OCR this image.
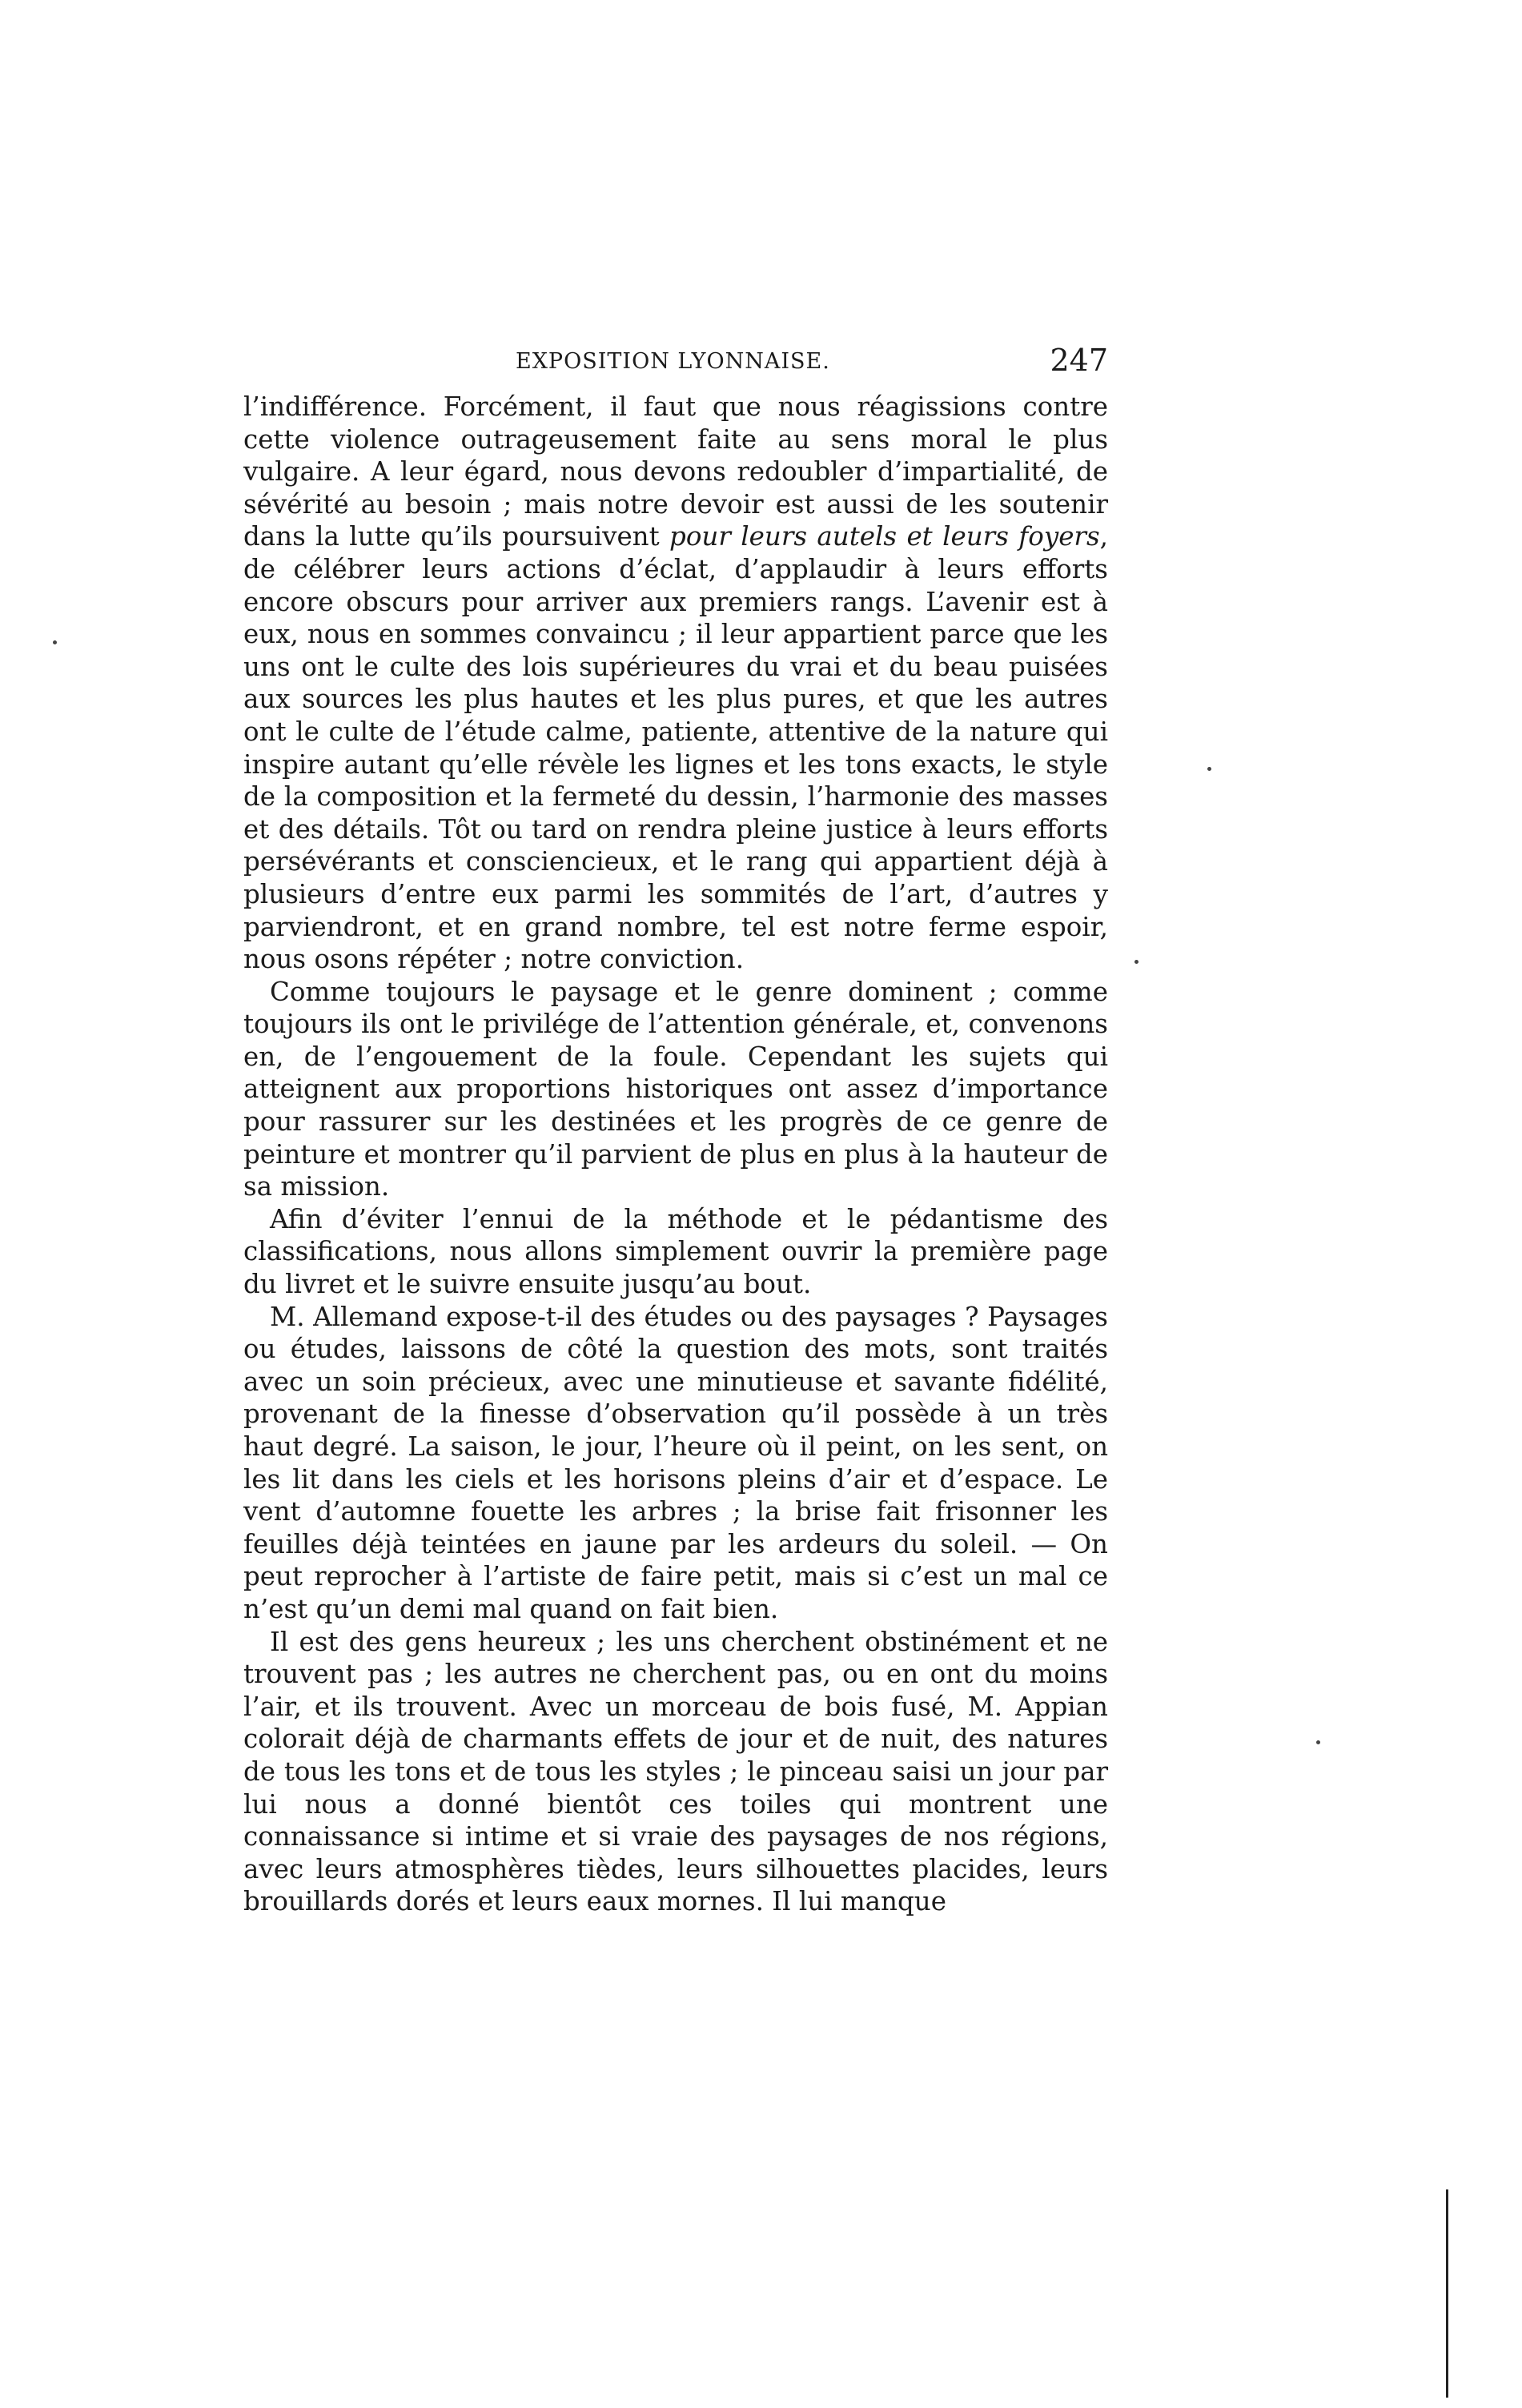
EXPOSITION LYONNAISE.	247

l’indifférence. Forcément, il faut que nous réagissions contre cette violence outrageusement faite au sens moral le plus vulgaire. A leur égard, nous devons redoubler d’impartialité, de sévérité au besoin ; mais notre devoir est aussi de les soutenir dans la lutte qu’ils poursuivent pour leurs autels et leurs foyers, de célébrer leurs actions d’éclat, d’applaudir à leurs efforts encore obscurs pour arriver aux premiers rangs. L’avenir est à eux, nous en sommes convaincu ; il leur appartient parce que les uns ont le culte des lois supérieures du vrai et du beau puisées aux sources les plus hautes et les plus pures, et que les autres ont le culte de l’étude calme, patiente, attentive de la nature qui inspire autant qu’elle révèle les lignes et les tons exacts, le style de la composition et la fermeté du dessin, l’harmonie des masses et des détails. Tôt ou tard on rendra pleine justice à leurs efforts persévérants et consciencieux, et le rang qui appartient déjà à plusieurs d’entre eux parmi les sommités de l’art, d’autres y parviendront, et en grand nombre, tel est notre ferme espoir, nous osons répéter ; notre conviction.

Comme toujours le paysage et le genre dominent ; comme toujours ils ont le privilége de l’attention générale, et, convenons en, de l’engouement de la foule. Cependant les sujets qui atteignent aux proportions historiques ont assez d’importance pour rassurer sur les destinées et les progrès de ce genre de peinture et montrer qu’il parvient de plus en plus à la hauteur de sa mission.

Afin d’éviter l’ennui de la méthode et le pédantisme des classifications, nous allons simplement ouvrir la première page du livret et le suivre ensuite jusqu’au bout.

M. Allemand expose-t-il des études ou des paysages ? Paysages ou études, laissons de côté la question des mots, sont traités avec un soin précieux, avec une minutieuse et savante fidélité, provenant de la finesse d’observation qu’il possède à un très haut degré. La saison, le jour, l’heure où il peint, on les sent, on les lit dans les ciels et les horisons pleins d’air et d’espace. Le vent d’automne fouette les arbres ; la brise fait frisonner les feuilles déjà teintées en jaune par les ardeurs du soleil. — On peut reprocher à l’artiste de faire petit, mais si c’est un mal ce n’est qu’un demi mal quand on fait bien.

Il est des gens heureux ; les uns cherchent obstinément et ne trouvent pas ; les autres ne cherchent pas, ou en ont du moins l’air, et ils trouvent. Avec un morceau de bois fusé, M. Appian colorait déjà de charmants effets de jour et de nuit, des natures de tous les tons et de tous les styles ; le pinceau saisi un jour par lui nous a donné bientôt ces toiles qui montrent une connaissance si intime et si vraie des paysages de nos régions, avec leurs atmosphères tièdes, leurs silhouettes placides, leurs brouillards dorés et leurs eaux mornes. Il lui manque
